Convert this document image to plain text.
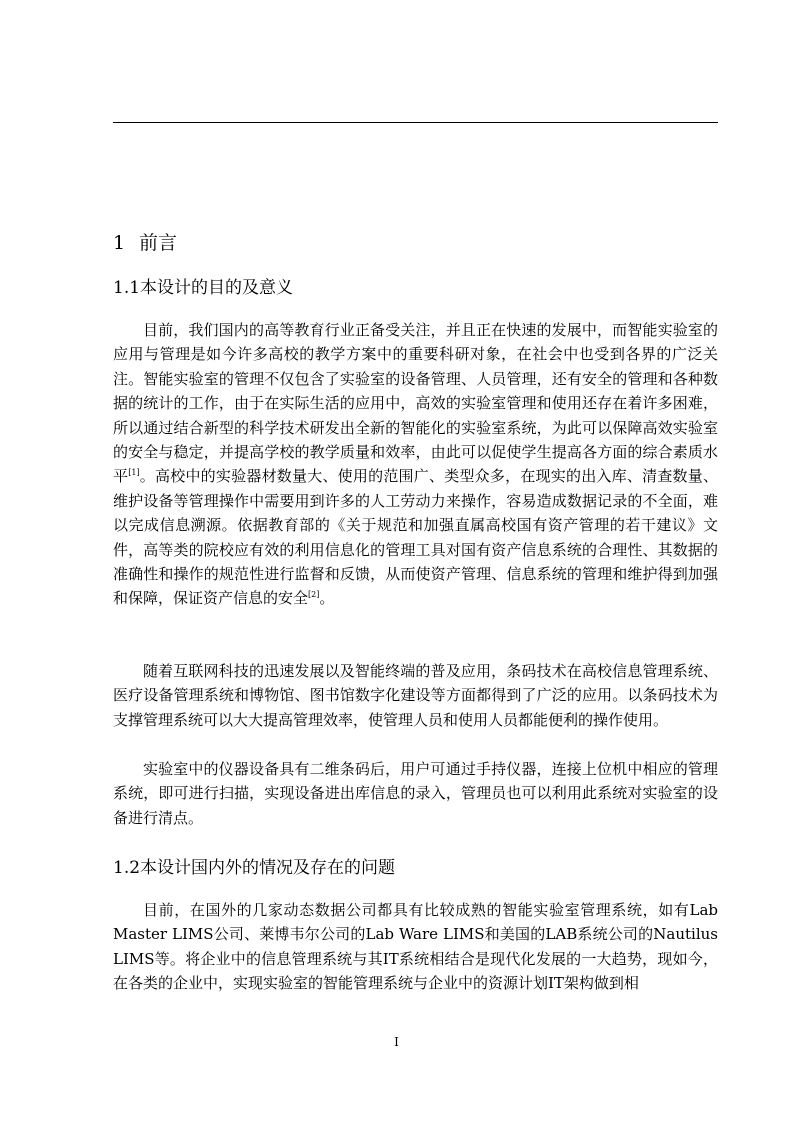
1 前言
1.1本设计的目的及意义

目前，我们国内的高等教育行业正备受关注，并且正在快速的发展中，而智能实验室的应用与管理是如今许多高校的教学方案中的重要科研对象，在社会中也受到各界的广泛关注。智能实验室的管理不仅包含了实验室的设备管理、人员管理，还有安全的管理和各种数据的统计的工作，由于在实际生活的应用中，高效的实验室管理和使用还存在着许多困难，所以通过结合新型的科学技术研发出全新的智能化的实验室系统，为此可以保障高效实验室的安全与稳定，并提高学校的教学质量和效率，由此可以促使学生提高各方面的综合素质水平[1]。高校中的实验器材数量大、使用的范围广、类型众多，在现实的出入库、清查数量、维护设备等管理操作中需要用到许多的人工劳动力来操作，容易造成数据记录的不全面，难以完成信息溯源。依据教育部的《关于规范和加强直属高校国有资产管理的若干建议》文件，高等类的院校应有效的利用信息化的管理工具对国有资产信息系统的合理性、其数据的准确性和操作的规范性进行监督和反馈，从而使资产管理、信息系统的管理和维护得到加强和保障，保证资产信息的安全[2]。

随着互联网科技的迅速发展以及智能终端的普及应用，条码技术在高校信息管理系统、医疗设备管理系统和博物馆、图书馆数字化建设等方面都得到了广泛的应用。以条码技术为支撑管理系统可以大大提高管理效率，使管理人员和使用人员都能便利的操作使用。

实验室中的仪器设备具有二维条码后，用户可通过手持仪器，连接上位机中相应的管理系统，即可进行扫描，实现设备进出库信息的录入，管理员也可以利用此系统对实验室的设备进行清点。

1.2本设计国内外的情况及存在的问题

目前，在国外的几家动态数据公司都具有比较成熟的智能实验室管理系统，如有Lab Master LIMS公司、莱博韦尔公司的Lab Ware LIMS和美国的LAB系统公司的Nautilus LIMS等。将企业中的信息管理系统与其IT系统相结合是现代化发展的一大趋势，现如今，在各类的企业中，实现实验室的智能管理系统与企业中的资源计划IT架构做到相

I
